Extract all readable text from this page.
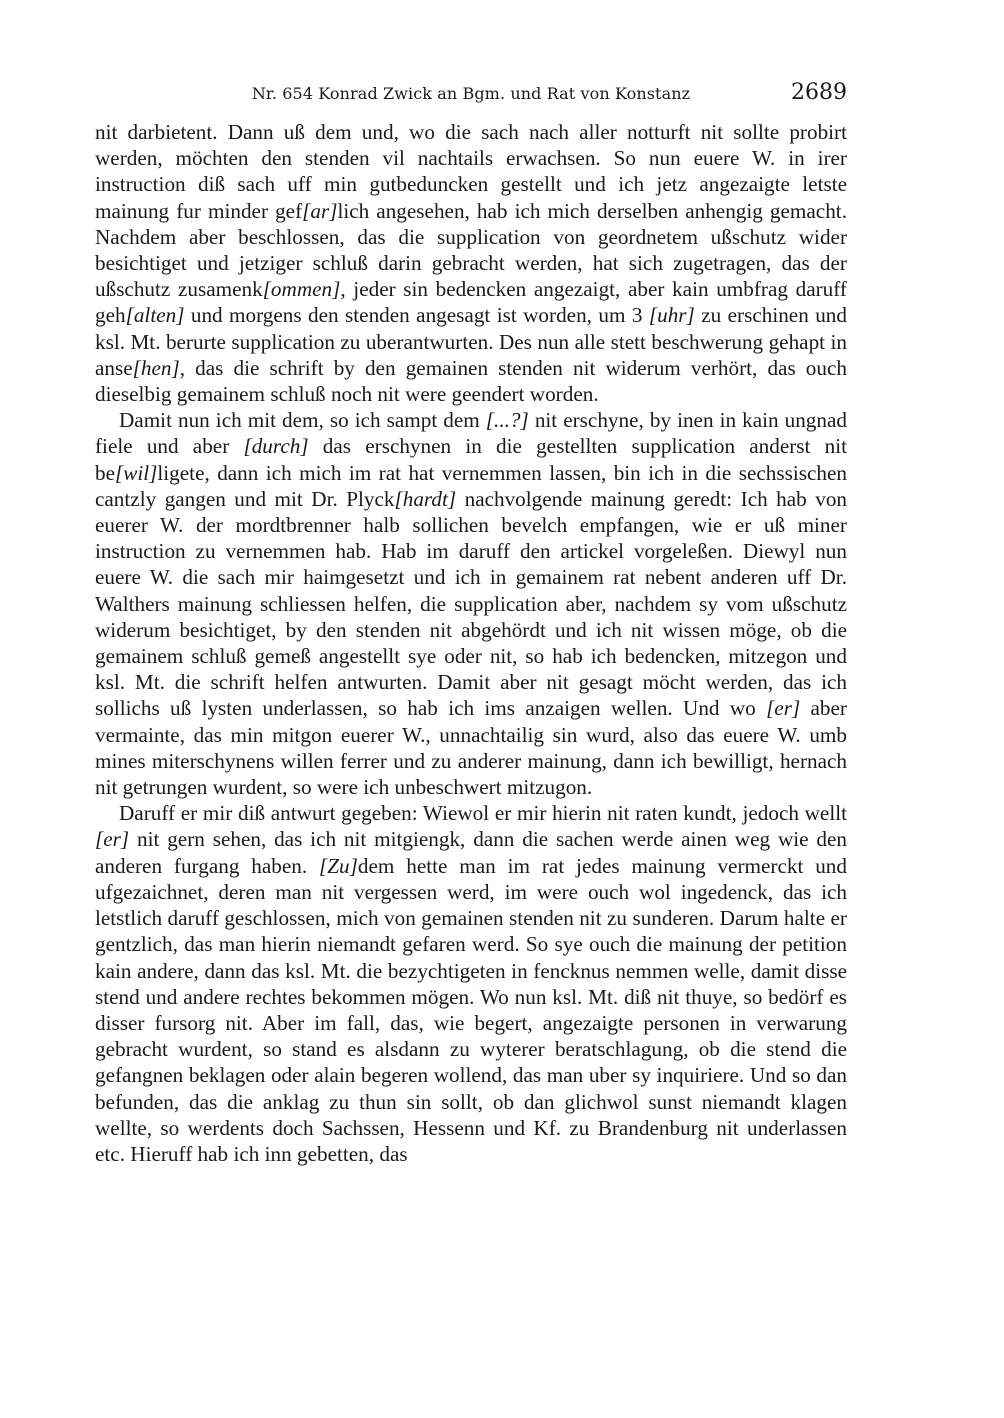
Nr. 654 Konrad Zwick an Bgm. und Rat von Konstanz	2689

nit darbietent. Dann uß dem und, wo die sach nach aller notturft nit sollte probirt werden, möchten den stenden vil nachtails erwachsen. So nun euere W. in irer instruction diß sach uff min gutbeduncken gestellt und ich jetz angezaigte letste mainung fur minder gef[ar]lich angesehen, hab ich mich derselben anhengig gemacht. Nachdem aber beschlossen, das die supplication von geordnetem ußschutz wider besichtiget und jetziger schluß darin gebracht werden, hat sich zugetragen, das der ußschutz zusamenk[ommen], jeder sin bedencken angezaigt, aber kain umbfrag daruff geh[alten] und morgens den stenden angesagt ist worden, um 3 [uhr] zu erschinen und ksl. Mt. berurte supplication zu uberantwurten. Des nun alle stett beschwerung gehapt in anse[hen], das die schrift by den gemainen stenden nit widerum verhört, das ouch dieselbig gemainem schluß noch nit were geendert worden.

Damit nun ich mit dem, so ich sampt dem [...?] nit erschyne, by inen in kain ungnad fiele und aber [durch] das erschynen in die gestellten supplication anderst nit be[wil]ligete, dann ich mich im rat hat vernemmen lassen, bin ich in die sechssischen cantzly gangen und mit Dr. Plyck[hardt] nachvolgende mainung geredt: Ich hab von euerer W. der mordtbrenner halb sollichen bevelch empfangen, wie er uß miner instruction zu vernemmen hab. Hab im daruff den artickel vorgeleßen. Diewyl nun euere W. die sach mir haimgesetzt und ich in gemainem rat nebent anderen uff Dr. Walthers mainung schliessen helfen, die supplication aber, nachdem sy vom ußschutz widerum besichtiget, by den stenden nit abgehördt und ich nit wissen möge, ob die gemainem schluß gemeß angestellt sye oder nit, so hab ich bedencken, mitzegon und ksl. Mt. die schrift helfen antwurten. Damit aber nit gesagt möcht werden, das ich sollichs uß lysten underlassen, so hab ich ims anzaigen wellen. Und wo [er] aber vermainte, das min mitgon euerer W., unnachtailig sin wurd, also das euere W. umb mines miterschynens willen ferrer und zu anderer mainung, dann ich bewilligt, hernach nit getrungen wurdent, so were ich unbeschwert mitzugon.

Daruff er mir diß antwurt gegeben: Wiewol er mir hierin nit raten kundt, jedoch wellt [er] nit gern sehen, das ich nit mitgiengk, dann die sachen werde ainen weg wie den anderen furgang haben. [Zu]dem hette man im rat jedes mainung vermerckt und ufgezaichnet, deren man nit vergessen werd, im were ouch wol ingedenck, das ich letstlich daruff geschlossen, mich von gemainen stenden nit zu sunderen. Darum halte er gentzlich, das man hierin niemandt gefaren werd. So sye ouch die mainung der petition kain andere, dann das ksl. Mt. die bezychtigeten in fencknus nemmen welle, damit disse stend und andere rechtes bekommen mögen. Wo nun ksl. Mt. diß nit thuye, so bedörf es disser fursorg nit. Aber im fall, das, wie begert, angezaigte personen in verwarung gebracht wurdent, so stand es alsdann zu wyterer beratschlagung, ob die stend die gefangnen beklagen oder alain begeren wollend, das man uber sy inquiriere. Und so dan befunden, das die anklag zu thun sin sollt, ob dan glichwol sunst niemandt klagen wellte, so werdents doch Sachssen, Hessenn und Kf. zu Brandenburg nit underlassen etc. Hieruff hab ich inn gebetten, das
